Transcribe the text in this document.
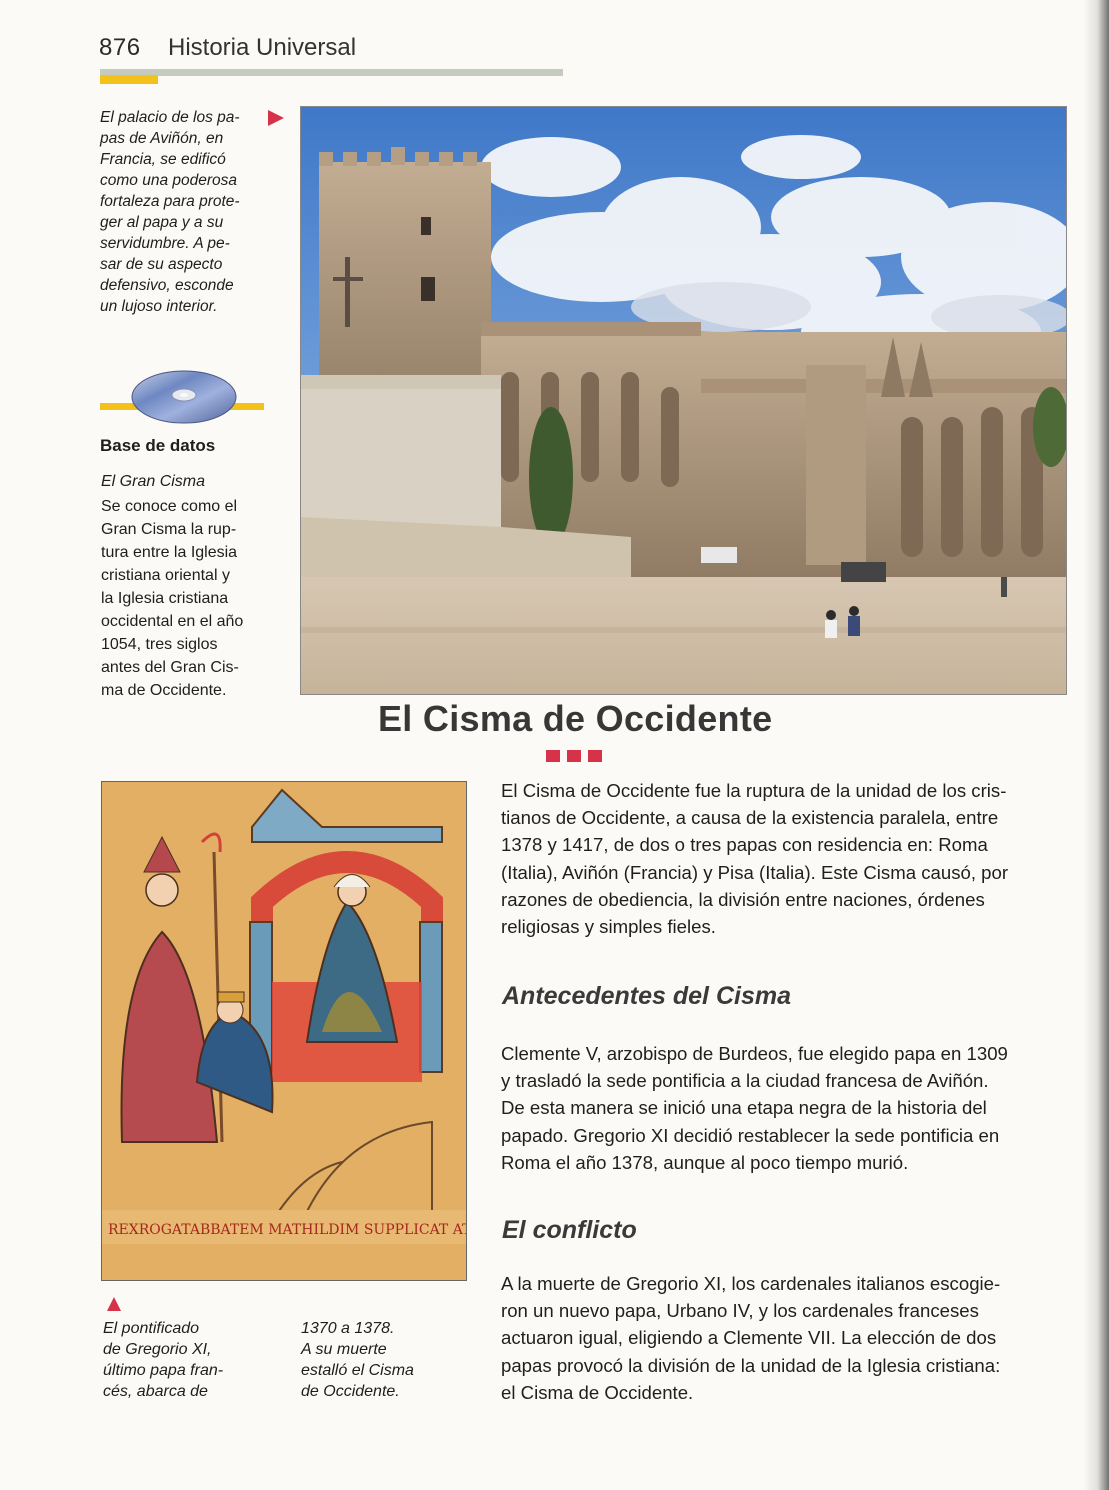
876 Historia Universal
El palacio de los pa-
pas de Aviñón, en
Francia, se edificó
como una poderosa
fortaleza para prote-
ger al papa y a su
servidumbre. A pe-
sar de su aspecto
defensivo, esconde
un lujoso interior.
Base de datos
El Gran Cisma
Se conoce como el
Gran Cisma la rup-
tura entre la Iglesia
cristiana oriental y
la Iglesia cristiana
occidental en el año
1054, tres siglos
antes del Gran Cis-
ma de Occidente.
El Cisma de Occidente
REXROGATABBATEM MATHILDIM SUPPLICAT ATQ;
El pontificado
de Gregorio XI,
último papa fran-
cés, abarca de
1370 a 1378.
A su muerte
estalló el Cisma
de Occidente.
El Cisma de Occidente fue la ruptura de la unidad de los cris-
tianos de Occidente, a causa de la existencia paralela, entre
1378 y 1417, de dos o tres papas con residencia en: Roma
(Italia), Aviñón (Francia) y Pisa (Italia). Este Cisma causó, por
razones de obediencia, la división entre naciones, órdenes
religiosas y simples fieles.
Antecedentes del Cisma
Clemente V, arzobispo de Burdeos, fue elegido papa en 1309
y trasladó la sede pontificia a la ciudad francesa de Aviñón.
De esta manera se inició una etapa negra de la historia del
papado. Gregorio XI decidió restablecer la sede pontificia en
Roma el año 1378, aunque al poco tiempo murió.
El conflicto
A la muerte de Gregorio XI, los cardenales italianos escogie-
ron un nuevo papa, Urbano IV, y los cardenales franceses
actuaron igual, eligiendo a Clemente VII. La elección de dos
papas provocó la división de la unidad de la Iglesia cristiana:
el Cisma de Occidente.
